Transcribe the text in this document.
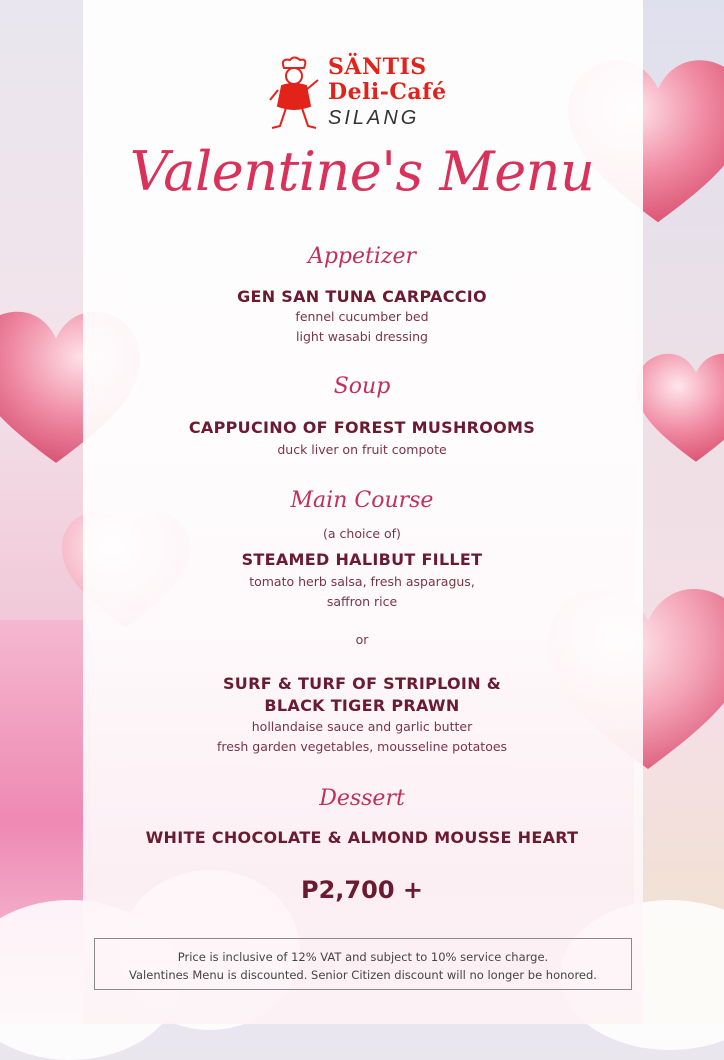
SÄNTIS
Deli-Café
SILANG
Valentine's Menu
Appetizer
GEN SAN TUNA CARPACCIO
fennel cucumber bed
light wasabi dressing
Soup
CAPPUCINO OF FOREST MUSHROOMS
duck liver on fruit compote
Main Course
(a choice of)
STEAMED HALIBUT FILLET
tomato herb salsa, fresh asparagus,
saffron rice
or
SURF & TURF OF STRIPLOIN &
BLACK TIGER PRAWN
hollandaise sauce and garlic butter
fresh garden vegetables, mousseline potatoes
Dessert
WHITE CHOCOLATE & ALMOND MOUSSE HEART
P2,700 +
Price is inclusive of 12% VAT and subject to 10% service charge.
Valentines Menu is discounted. Senior Citizen discount will no longer be honored.
